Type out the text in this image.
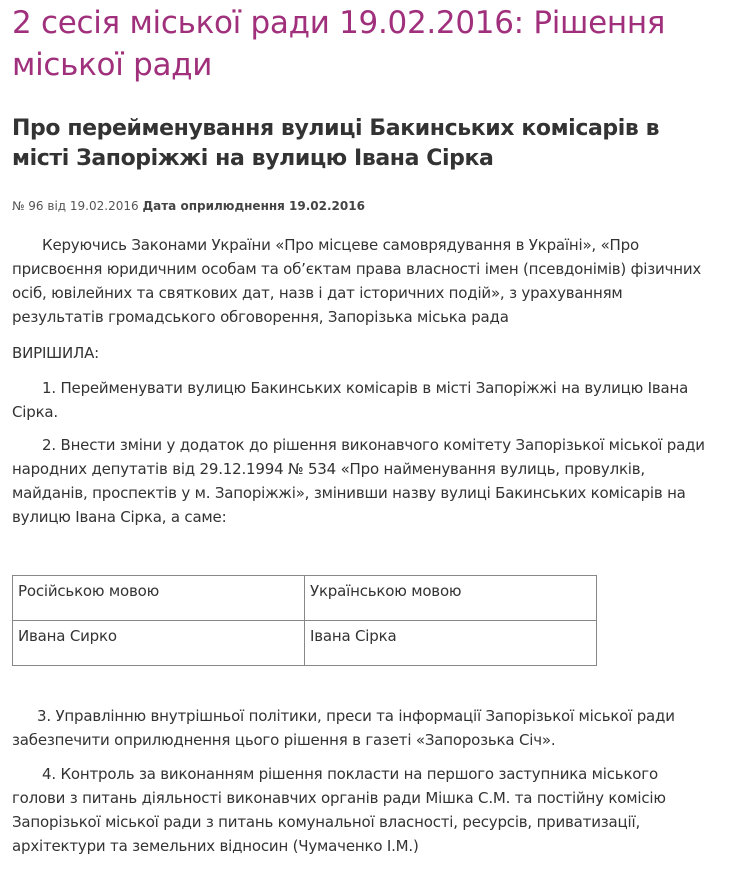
2 сесія міської ради 19.02.2016: Рішення міської ради
Про перейменування вулиці Бакинських комісарів в місті Запоріжжі на вулицю Івана Сірка
№ 96 від 19.02.2016 Дата оприлюднення 19.02.2016

Керуючись Законами України «Про місцеве самоврядування в Україні», «Про присвоєння юридичним особам та об’єктам права власності імен (псевдонімів) фізичних осіб, ювілейних та святкових дат, назв і дат історичних подій», з урахуванням результатів громадського обговорення, Запорізька міська рада

ВИРІШИЛА:

1. Перейменувати вулицю Бакинських комісарів в місті Запоріжжі на вулицю Івана Сірка.

2. Внести зміни у додаток до рішення виконавчого комітету Запорізької міської ради народних депутатів від 29.12.1994 № 534 «Про найменування вулиць, провулків, майданів, проспектів у м. Запоріжжі», змінивши назву вулиці Бакинських комісарів на вулицю Івана Сірка, а саме:

Російською мовою	Українською мовою
Ивана Сирко	Івана Сірка

3. Управлінню внутрішньої політики, преси та інформації Запорізької міської ради забезпечити оприлюднення цього рішення в газеті «Запорозька Січ».

4. Контроль за виконанням рішення покласти на першого заступника міського голови з питань діяльності виконавчих органів ради Мішка С.М. та постійну комісію Запорізької міської ради з питань комунальної власності, ресурсів, приватизації, архітектури та земельних відносин (Чумаченко І.М.)
